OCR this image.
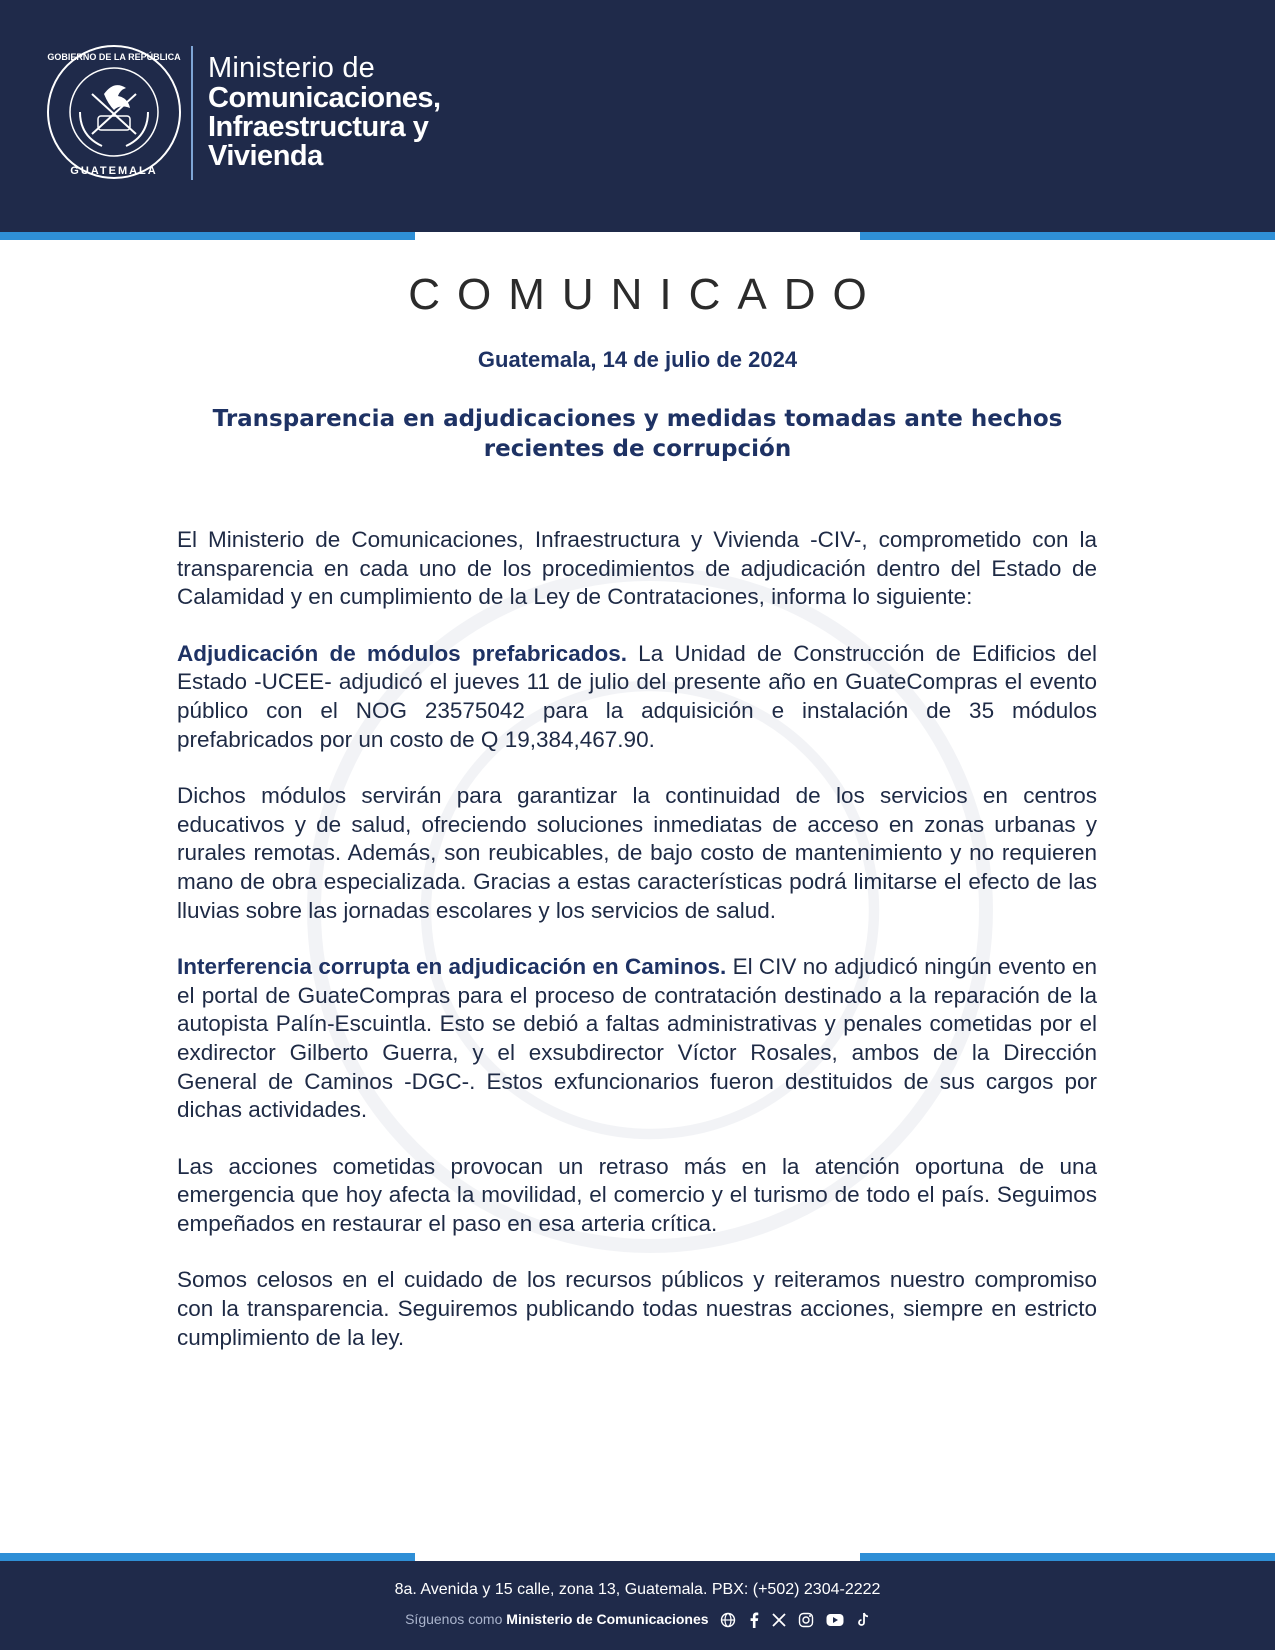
GOBIERNO DE LA REPÚBLICA
GUATEMALA
Ministerio de
Comunicaciones,
Infraestructura y
Vivienda
COMUNICADO
Guatemala, 14 de julio de 2024
Transparencia en adjudicaciones y medidas tomadas ante hechos recientes de corrupción

El Ministerio de Comunicaciones, Infraestructura y Vivienda -CIV-, comprometido con la transparencia en cada uno de los procedimientos de adjudicación dentro del Estado de Calamidad y en cumplimiento de la Ley de Contrataciones, informa lo siguiente:

Adjudicación de módulos prefabricados. La Unidad de Construcción de Edificios del Estado -UCEE- adjudicó el jueves 11 de julio del presente año en GuateCompras el evento público con el NOG 23575042 para la adquisición e instalación de 35 módulos prefabricados por un costo de Q 19,384,467.90.

Dichos módulos servirán para garantizar la continuidad de los servicios en centros educativos y de salud, ofreciendo soluciones inmediatas de acceso en zonas urbanas y rurales remotas. Además, son reubicables, de bajo costo de mantenimiento y no requieren mano de obra especializada. Gracias a estas características podrá limitarse el efecto de las lluvias sobre las jornadas escolares y los servicios de salud.

Interferencia corrupta en adjudicación en Caminos. El CIV no adjudicó ningún evento en el portal de GuateCompras para el proceso de contratación destinado a la reparación de la autopista Palín-Escuintla. Esto se debió a faltas administrativas y penales cometidas por el exdirector Gilberto Guerra, y el exsubdirector Víctor Rosales, ambos de la Dirección General de Caminos -DGC-. Estos exfuncionarios fueron destituidos de sus cargos por dichas actividades.

Las acciones cometidas provocan un retraso más en la atención oportuna de una emergencia que hoy afecta la movilidad, el comercio y el turismo de todo el país. Seguimos empeñados en restaurar el paso en esa arteria crítica.

Somos celosos en el cuidado de los recursos públicos y reiteramos nuestro compromiso con la transparencia. Seguiremos publicando todas nuestras acciones, siempre en estricto cumplimiento de la ley.

8a. Avenida y 15 calle, zona 13, Guatemala. PBX: (+502) 2304-2222
Síguenos como Ministerio de Comunicaciones
